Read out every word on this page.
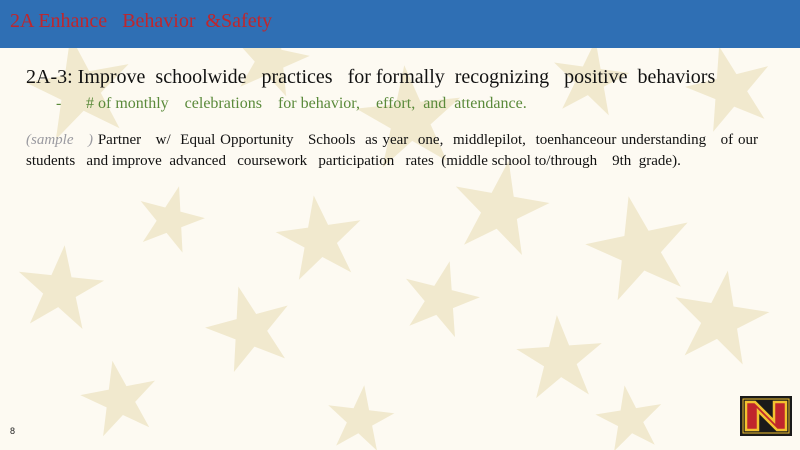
2A Enhance   Behavior  &Safety
2A-3: Improve  schoolwide   practices   for formally  recognizing   positive  behaviors
- # of monthly    celebrations    for behavior,    effort,  and  attendance.
(sample   ) Partner   w/  Equal Opportunity   Schools  as year  one,  middlepilot,  toenhanceour understanding   of our students   and improve  advanced   coursework   participation   rates  (middle school to/through    9th  grade).
8
